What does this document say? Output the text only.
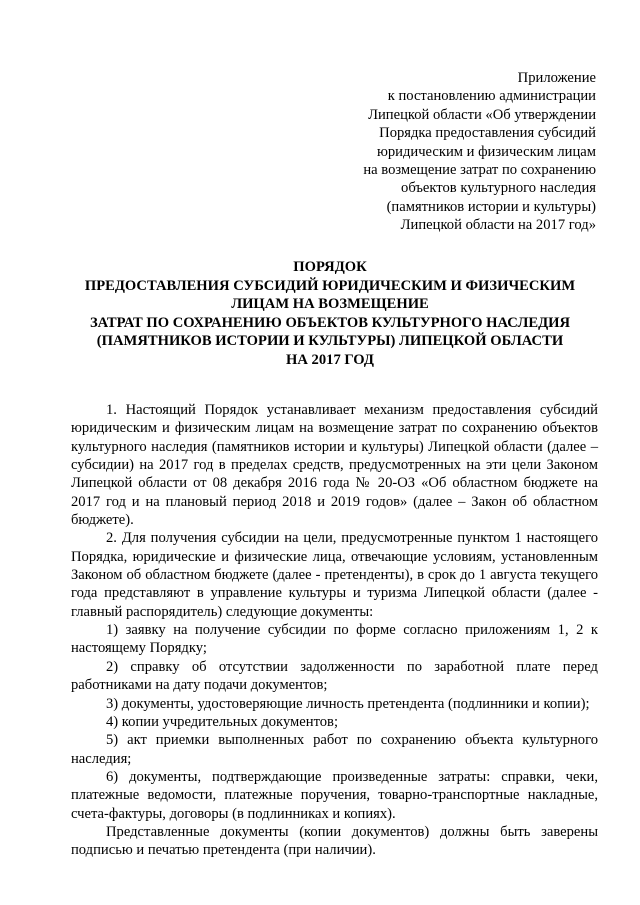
Приложение
к постановлению администрации
Липецкой области «Об утверждении
Порядка предоставления субсидий
юридическим и физическим лицам
на возмещение затрат по сохранению
объектов культурного наследия
(памятников истории и культуры)
Липецкой области на 2017 год»
ПОРЯДОК
ПРЕДОСТАВЛЕНИЯ СУБСИДИЙ ЮРИДИЧЕСКИМ И ФИЗИЧЕСКИМ
ЛИЦАМ НА ВОЗМЕЩЕНИЕ
ЗАТРАТ ПО СОХРАНЕНИЮ ОБЪЕКТОВ КУЛЬТУРНОГО НАСЛЕДИЯ
(ПАМЯТНИКОВ ИСТОРИИ И КУЛЬТУРЫ) ЛИПЕЦКОЙ ОБЛАСТИ
НА 2017 ГОД

1. Настоящий Порядок устанавливает механизм предоставления субсидий юридическим и физическим лицам на возмещение затрат по сохранению объектов культурного наследия (памятников истории и культуры) Липецкой области (далее – субсидии) на 2017 год в пределах средств, предусмотренных на эти цели Законом Липецкой области от 08 декабря 2016 года № 20-ОЗ «Об областном бюджете на 2017 год и на плановый период 2018 и 2019 годов» (далее – Закон об областном бюджете).

2. Для получения субсидии на цели, предусмотренные пунктом 1 настоящего Порядка, юридические и физические лица, отвечающие условиям, установленным Законом об областном бюджете (далее - претенденты), в срок до 1 августа текущего года представляют в управление культуры и туризма Липецкой области (далее - главный распорядитель) следующие документы:

1) заявку на получение субсидии по форме согласно приложениям 1, 2 к настоящему Порядку;

2) справку об отсутствии задолженности по заработной плате перед работниками на дату подачи документов;

3) документы, удостоверяющие личность претендента (подлинники и копии);

4) копии учредительных документов;

5) акт приемки выполненных работ по сохранению объекта культурного наследия;

6) документы, подтверждающие произведенные затраты: справки, чеки, платежные ведомости, платежные поручения, товарно-транспортные накладные, счета-фактуры, договоры (в подлинниках и копиях).

Представленные документы (копии документов) должны быть заверены подписью и печатью претендента (при наличии).
